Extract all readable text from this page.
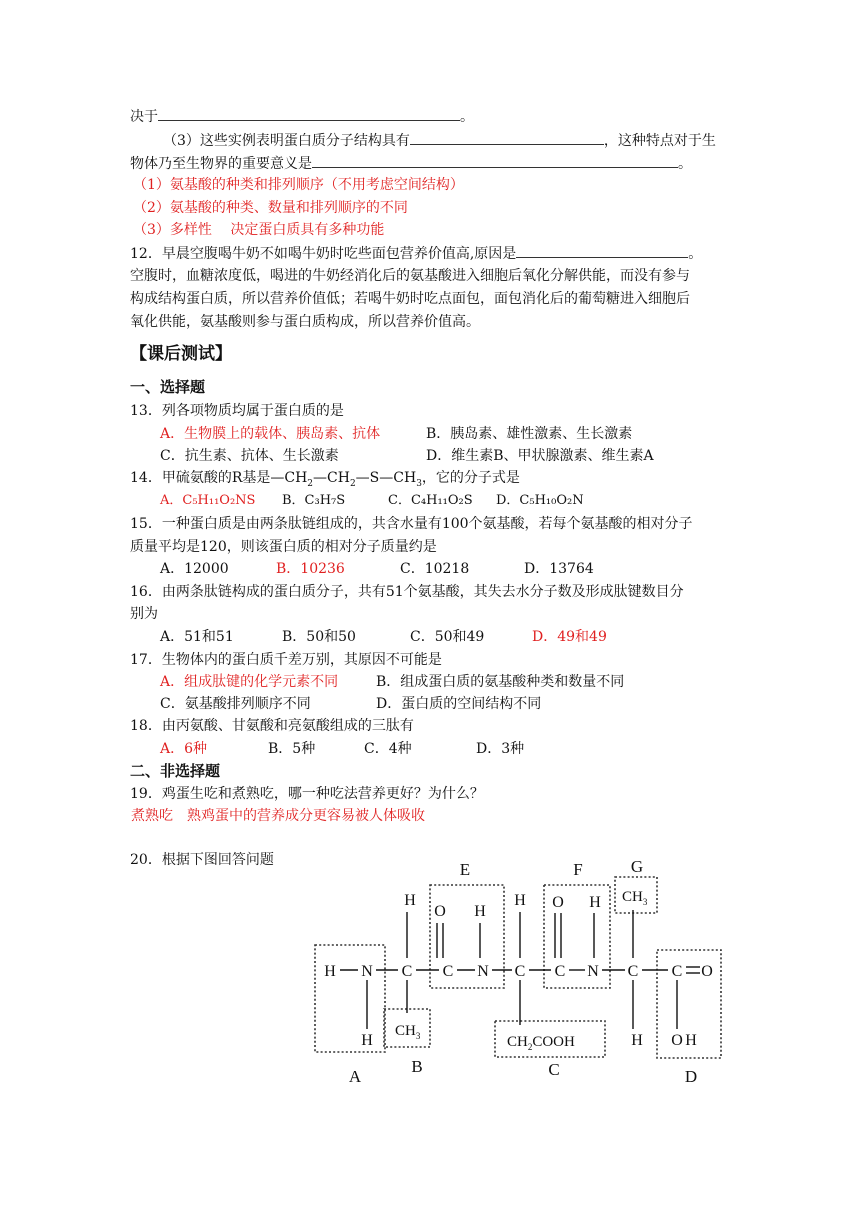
决于	。
（3）这些实例表明蛋白质分子结构具有	，这种特点对于生
物体乃至生物界的重要意义是	。
（1）氨基酸的种类和排列顺序（不用考虑空间结构）
（2）氨基酸的种类、数量和排列顺序的不同
（3）多样性　 决定蛋白质具有多种功能
12．早晨空腹喝牛奶不如喝牛奶时吃些面包营养价值高,原因是	。
空腹时，血糖浓度低，喝进的牛奶经消化后的氨基酸进入细胞后氧化分解供能，而没有参与
构成结构蛋白质，所以营养价值低；若喝牛奶时吃点面包，面包消化后的葡萄糖进入细胞后
氧化供能，氨基酸则参与蛋白质构成，所以营养价值高。
【课后测试】
一、选择题
13．列各项物质均属于蛋白质的是
A．生物膜上的载体、胰岛素、抗体	B．胰岛素、雄性激素、生长激素
C．抗生素、抗体、生长激素	D．维生素B、甲状腺激素、维生素A
14．甲硫氨酸的R基是$—CH_2—CH_2—S—CH_3$，它的分子式是
A．C₅H₁₁O₂NS B．C₃H₇S	C．C₄H₁₁O₂S D．C₅H₁₀O₂N
15．一种蛋白质是由两条肽链组成的，共含水量有100个氨基酸，若每个氨基酸的相对分子
质量平均是120，则该蛋白质的相对分子质量约是
A．12000	B．10236	C．10218	D．13764
16．由两条肽链构成的蛋白质分子，共有51个氨基酸，其失去水分子数及形成肽键数目分
别为
A．51和51	B．50和50	C．50和49	D．49和49
17．生物体内的蛋白质千差万别，其原因不可能是
A．组成肽键的化学元素不同	B．组成蛋白质的氨基酸种类和数量不同
C．氨基酸排列顺序不同	D．蛋白质的空间结构不同
18．由丙氨酸、甘氨酸和亮氨酸组成的三肽有
A．6种	B．5种	C．4种	D．3种
二、非选择题
19．鸡蛋生吃和煮熟吃，哪一种吃法营养更好？为什么？
煮熟吃　熟鸡蛋中的营养成分更容易被人体吸收
20．根据下图回答问题
A
B	C	D
E	F	G
H N C C N C C N C C O
H
O H
H O H
H	H O H
$CH_3$
$CH_3$
$CH_2COOH$
